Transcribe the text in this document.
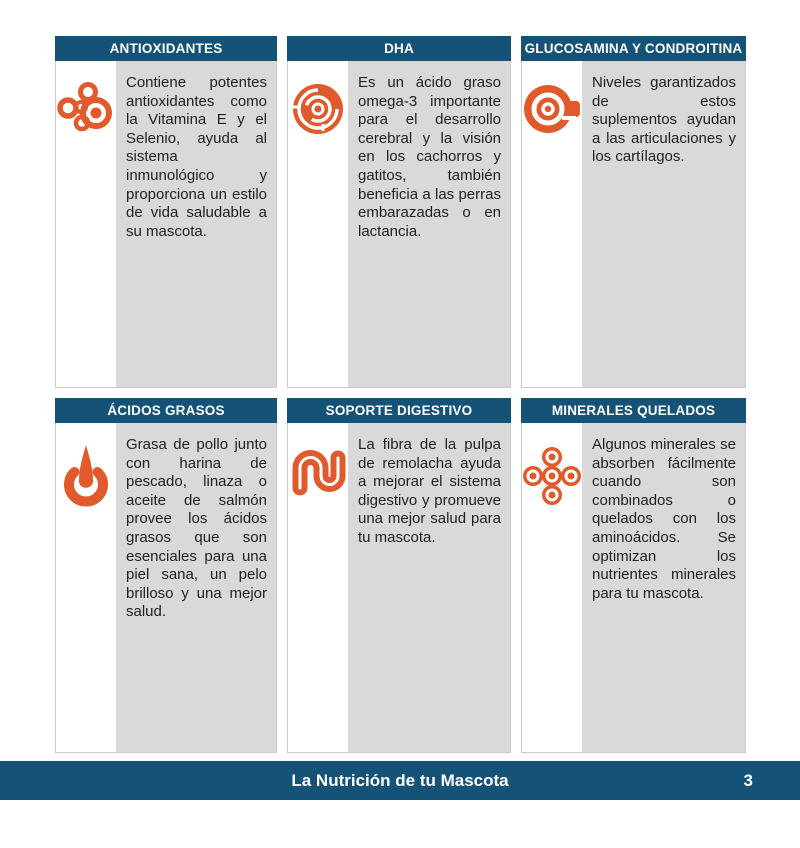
ANTIOXIDANTES
Contiene potentes antioxidantes como la Vitamina E y el Selenio, ayuda al sistema inmunológico y proporciona un estilo de vida saludable a su mascota.
DHA
Es un ácido graso omega-3 importante para el desarrollo cerebral y la visión en los cachorros y gatitos, también beneficia a las perras embarazadas o en lactancia.
GLUCOSAMINA Y CONDROITINA
Niveles garantizados de estos suplementos ayudan a las articulaciones y los cartílagos.
ÁCIDOS GRASOS
Grasa de pollo junto con harina de pescado, linaza o aceite de salmón provee los ácidos grasos que son esenciales para una piel sana, un pelo brilloso y una mejor salud.
SOPORTE DIGESTIVO
La fibra de la pulpa de remolacha ayuda a mejorar el sistema digestivo y promueve una mejor salud para tu mascota.
MINERALES QUELADOS
Algunos minerales se absorben fácilmente cuando son combinados o quelados con los aminoácidos. Se optimizan los nutrientes minerales para tu mascota.
La Nutrición de tu Mascota	3
